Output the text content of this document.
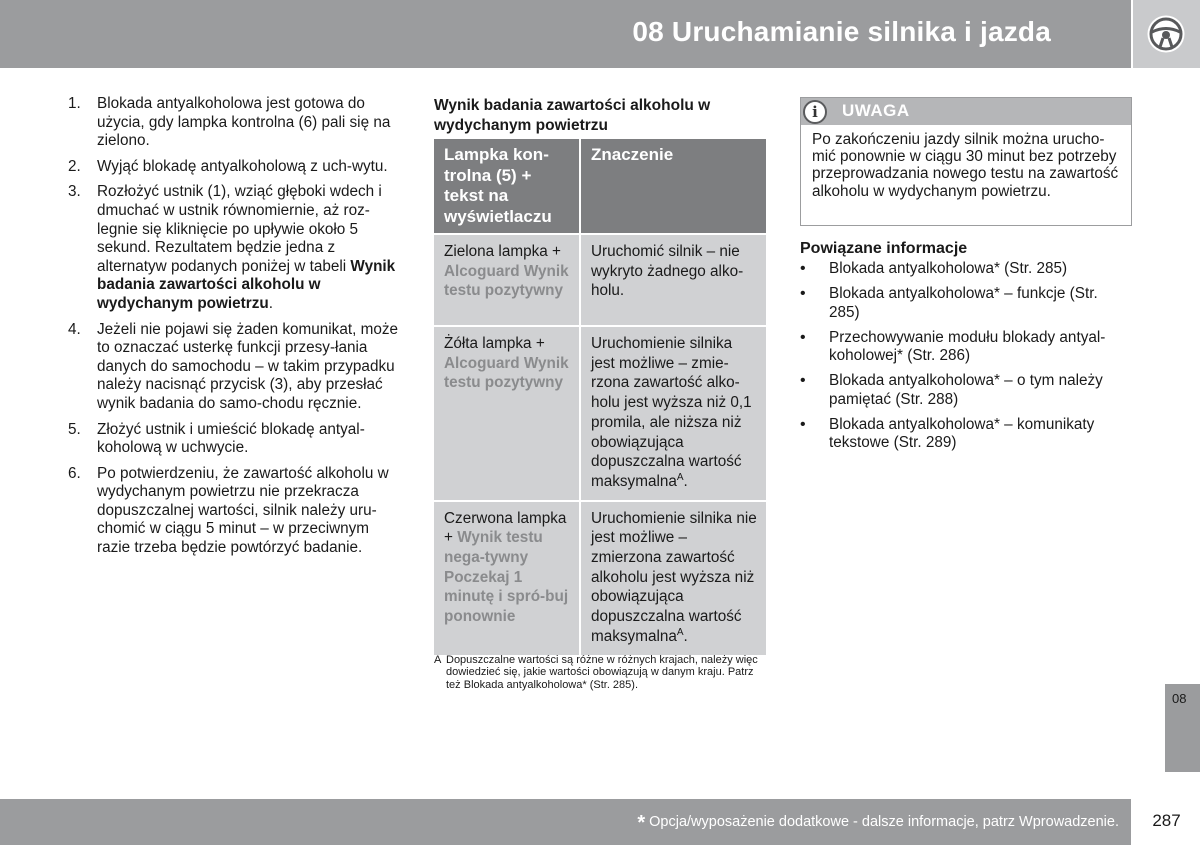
08 Uruchamianie silnika i jazda
1. Blokada antyalkoholowa jest gotowa do użycia, gdy lampka kontrolna (6) pali się na zielono.
2. Wyjąć blokadę antyalkoholową z uch-wytu.
3. Rozłożyć ustnik (1), wziąć głęboki wdech i dmuchać w ustnik równomiernie, aż roz-legnie się kliknięcie po upływie około 5 sekund. Rezultatem będzie jedna z alternatyw podanych poniżej w tabeli Wynik badania zawartości alkoholu w wydychanym powietrzu.
4. Jeżeli nie pojawi się żaden komunikat, może to oznaczać usterkę funkcji przesy-łania danych do samochodu – w takim przypadku należy nacisnąć przycisk (3), aby przesłać wynik badania do samo-chodu ręcznie.
5. Złożyć ustnik i umieścić blokadę antyal-koholową w uchwycie.
6. Po potwierdzeniu, że zawartość alkoholu w wydychanym powietrzu nie przekracza dopuszczalnej wartości, silnik należy uru-chomić w ciągu 5 minut – w przeciwnym razie trzeba będzie powtórzyć badanie.
Wynik badania zawartości alkoholu w wydychanym powietrzu
Lampka kon-trolna (5) + tekst na wyświetlaczu	Znaczenie
Zielona lampka + Alcoguard Wynik testu pozytywny	Uruchomić silnik – nie wykryto żadnego alko-holu.
Żółta lampka + Alcoguard Wynik testu pozytywny	Uruchomienie silnika jest możliwe – zmie-rzona zawartość alko-holu jest wyższa niż 0,1 promila, ale niższa niż obowiązująca dopuszczalna wartość maksymalna$^A$.
Czerwona lampka + Wynik testu nega-tywny Poczekaj 1 minutę i spró-buj ponownie	Uruchomienie silnika nie jest możliwe – zmierzona zawartość alkoholu jest wyższa niż obowiązująca dopuszczalna wartość maksymalna$^A$.
A Dopuszczalne wartości są różne w różnych krajach, należy więc dowiedzieć się, jakie wartości obowiązują w danym kraju. Patrz też Blokada antyalkoholowa* (Str. 285).
i	UWAGA
Po zakończeniu jazdy silnik można urucho-mić ponownie w ciągu 30 minut bez potrzeby przeprowadzania nowego testu na zawartość alkoholu w wydychanym powietrzu.
Powiązane informacje
• Blokada antyalkoholowa* (Str. 285)
• Blokada antyalkoholowa* – funkcje (Str. 285)
• Przechowywanie modułu blokady antyal-koholowej* (Str. 286)
• Blokada antyalkoholowa* – o tym należy pamiętać (Str. 288)
• Blokada antyalkoholowa* – komunikaty tekstowe (Str. 289)
08
* Opcja/wyposażenie dodatkowe - dalsze informacje, patrz Wprowadzenie.	287
